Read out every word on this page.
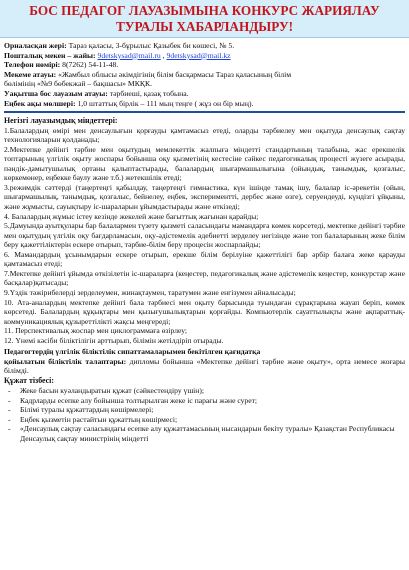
БОС ПЕДАГОГ ЛАУАЗЫМЫНА КОНКУРС ЖАРИЯЛАУ
ТУРАЛЫ ХАБАРЛАНДЫРУ!
Орналасқан жері: Тараз қаласы, 3-бұрылыс Қазыбек би көшесі, № 5.
Пошталық мекен – жайы: 9detskysad@mail.ru , 9detskysad@mail.kz
Телефон нөмірі: 8(7262) 54-11-48.
Мекеме атауы: «Жамбыл облысы әкімдігінің білім басқармасы Тараз қаласының білім
бөлімінің «№9 бөбекжай – бақшасы» МКҚК.
Уақытша бос лауазым атауы: тәрбиеші, қазақ тобына.
Еңбек ақы мөлшері: 1,0 штаттық бірлік – 111 мың теңге ( жұз он бір мың).
Негізгі лауазымдық міндеттері:

1.Балалардың өмірі мен денсаулығын қорғауды қамтамасыз етеді, оларды тәрбиелеу мен оқытуда денсаулық сақтау технологияларын қолданады;

2.Мектепке дейінгі тәрбие мен оқытудың мемлекеттік жалпыға міндетті стандартының талабына, жас ерекшелік топтарының үлгілік оқыту жоспары бойынша оқу қызметінің кестесіне сәйкес педагогикалық процесті жүзеге асырады, пәндік-дамытушылық ортаны қалыптастырады, балалардың шығармашылығына (ойындық, танымдық, қозғалыс, көркемөнер, еңбекке баулу және т.б.) жетекшілік етеді;

3.режимдік сәттерді (таңертеңгі қабылдау, таңертеңгі гимнастика, күн ішінде тамақ ішу, балалар іс-әрекетін (ойын, шығармашылық, танымдық, қозғалыс, бейнелеу, еңбек, экспериментті, дербес және өзге), серуендеуді, күндізгі ұйқыны, және жұмысты, сауықтыру іс-шараларын ұйымдастырады және өткізеді;

4. Балалардың жұмыс істеу кезінде жекелей және бағыттық жағынан қарайды;

5.Дамуында ауытқулары бар балалармен түзету қызметі саласындағы мамандарға көмек көрсетеді, мектепке дейінгі тәрбие мен оқытудың үлгілік оқу бағдарламасын, оқу-әдістемелік әдебиетті зерделеу негізінде және топ балаларының жеке білім беру қажеттіліктерін ескере отырып, тәрбие-білім беру процесін жоспарлайды;

6. Мамандардың ұсынымдарын ескере отырып, ерекше білім берілуіне қажеттілігі бар әрбір балаға жеке қарауды қамтамасыз етеді;

7.Мектепке дейінгі ұйымда өткізілетін іс-шараларға (кеңестер, педагогикалық және әдістемелік кеңестер, конкурстар және басқалар)қатысады;

9.Үздік тәжірибелерді зерделеумен, жинақтаумен, таратумен және енгізумен айналысады;

10. Ата-аналардың мектепке дейінгі бала тәрбиесі мен оқыту барысында туындаған сұрақтарына жауап беріп, көмек көрсетеді. Балалардың құқықтары мен қызығушылықтарын қорғайды. Компьютерлік сауаттылықты және ақпараттық-коммуникациялық құзыреттілікті жақсы меңгереді;

11. Перспективалық жоспар мен циклограммаға өзірлеу;

12. Үнемі кәсіби біліктілігін арттырып, білімін жетілдіріп отырады.

Педагогтердің үлгілік біліктілік сипаттамаларымен бекітілген қағидатқа
қойылатын біліктілік талаптары: дипломы бойынша «Мектепке дейінгі тәрбие және оқыту», орта немесе жоғары білімді.
Құжат тізбесі:
- Жеке басын куәландыратын құжат (сәйкестендіру үшін);
- Кадрларды есепке алу бойынша толтырылған жеке іс парағы және сурет;
- Білімі туралы құжаттардың көшірмелері;
- Еңбек қызметін растайтын құжаттың көшірмесі;
- «Денсаулық сақтау саласындағы есепке алу құжаттамасының нысандарын бекіту туралы» Қазақстан Республикасы Денсаулық сақтау министрінің міндетті
